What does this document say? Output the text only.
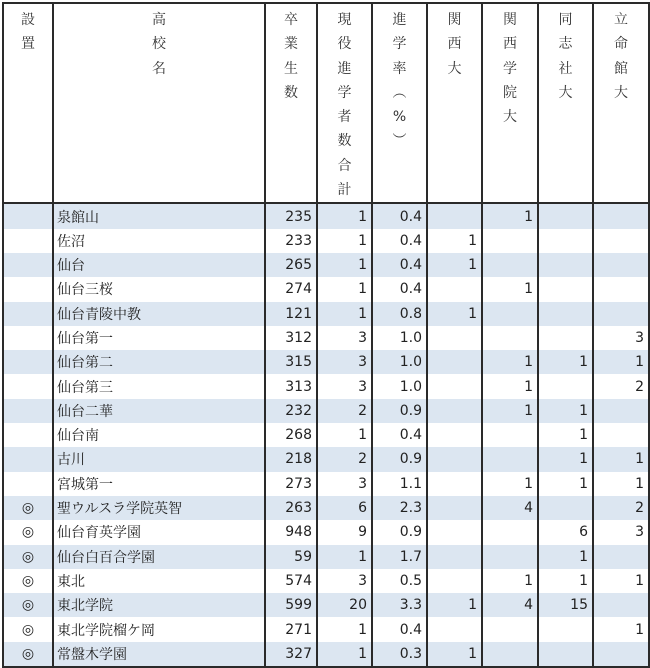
設
置

高
校
名

卒
業
生
数

現
役
進
学
者
数
合
計

進
学
率
︵
%
︶

関
西
大

関
西
学
院
大

同
志
社
大

立
命
館
大

	泉館山	235	1	0.4		1		
	佐沼	233	1	0.4	1			
	仙台	265	1	0.4	1			
	仙台三桜	274	1	0.4		1		
	仙台青陵中教	121	1	0.8	1			
	仙台第一	312	3	1.0				3
	仙台第二	315	3	1.0		1	1	1
	仙台第三	313	3	1.0		1		2
	仙台二華	232	2	0.9		1	1	
	仙台南	268	1	0.4			1	
	古川	218	2	0.9			1	1
	宮城第一	273	3	1.1		1	1	1
◎	聖ウルスラ学院英智	263	6	2.3		4		2
◎	仙台育英学園	948	9	0.9			6	3
◎	仙台白百合学園	59	1	1.7			1	
◎	東北	574	3	0.5		1	1	1
◎	東北学院	599	20	3.3	1	4	15	
◎	東北学院榴ケ岡	271	1	0.4				1
◎	常盤木学園	327	1	0.3	1			
